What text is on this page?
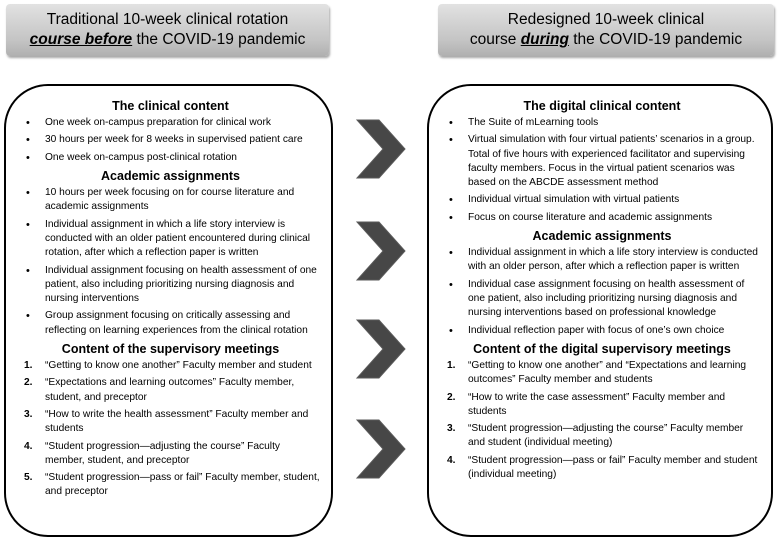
Traditional 10-week clinical rotation
course before the COVID-19 pandemic
Redesigned 10-week clinical
course during the COVID-19 pandemic
The clinical content
• One week on-campus preparation for clinical work
• 30 hours per week for 8 weeks in supervised patient care
• One week on-campus post-clinical rotation
Academic assignments
• 10 hours per week focusing on for course literature and academic assignments
• Individual assignment in which a life story interview is conducted with an older patient encountered during clinical rotation, after which a reflection paper is written
• Individual assignment focusing on health assessment of one patient, also including prioritizing nursing diagnosis and nursing interventions
• Group assignment focusing on critically assessing and reflecting on learning experiences from the clinical rotation
Content of the supervisory meetings
1. “Getting to know one another” Faculty member and student
2. “Expectations and learning outcomes” Faculty member, student, and preceptor
3. “How to write the health assessment” Faculty member and students
4. “Student progression—adjusting the course” Faculty member, student, and preceptor
5. “Student progression—pass or fail” Faculty member, student, and preceptor
The digital clinical content
• The Suite of mLearning tools
• Virtual simulation with four virtual patients’ scenarios in a group. Total of five hours with experienced facilitator and supervising faculty members. Focus in the virtual patient scenarios was based on the ABCDE assessment method
• Individual virtual simulation with virtual patients
• Focus on course literature and academic assignments
Academic assignments
• Individual assignment in which a life story interview is conducted with an older person, after which a reflection paper is written
• Individual case assignment focusing on health assessment of one patient, also including prioritizing nursing diagnosis and nursing interventions based on professional knowledge
• Individual reflection paper with focus of one’s own choice
Content of the digital supervisory meetings
1. “Getting to know one another” and “Expectations and learning outcomes” Faculty member and students
2. “How to write the case assessment” Faculty member and students
3. “Student progression—adjusting the course” Faculty member and student (individual meeting)
4. “Student progression—pass or fail” Faculty member and student (individual meeting)
